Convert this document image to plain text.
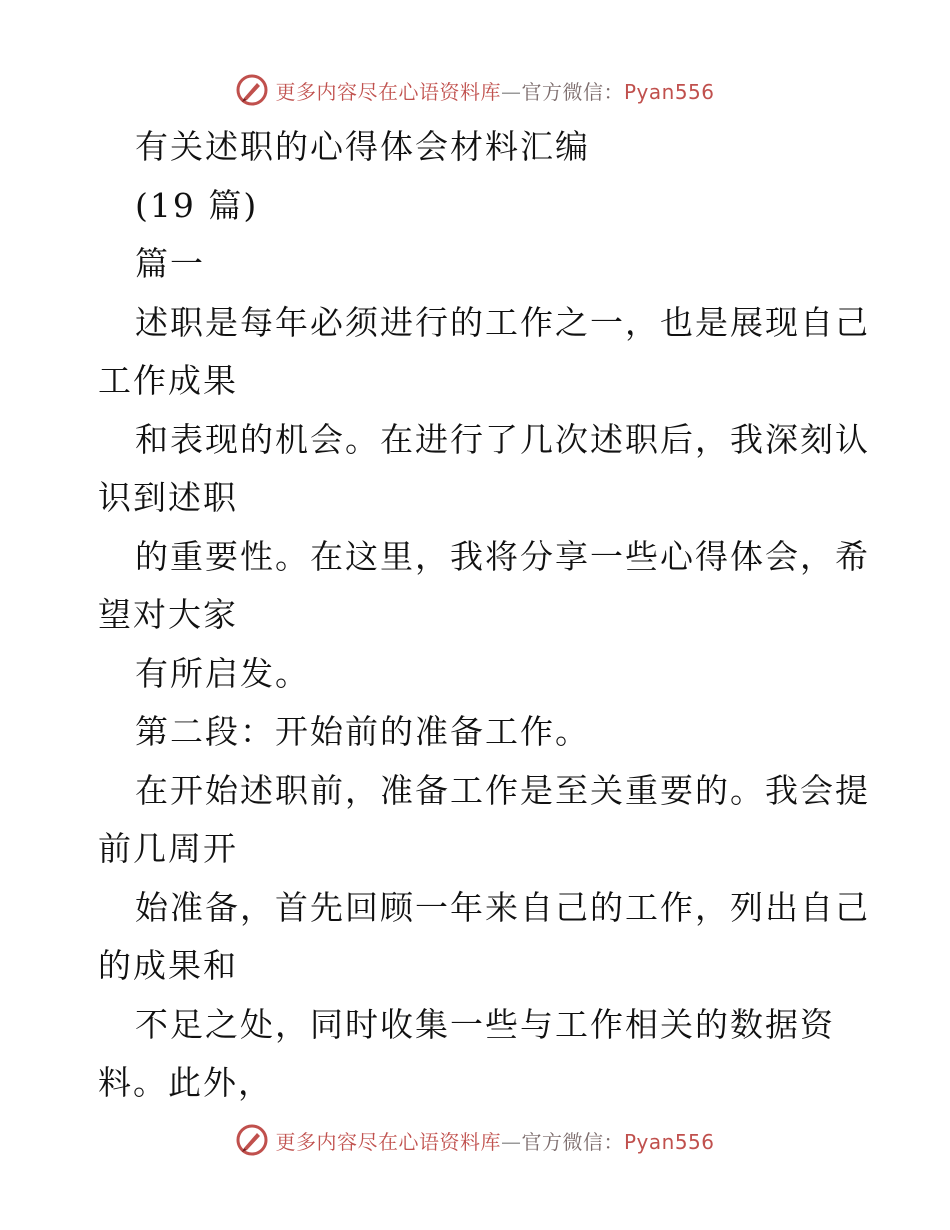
更多内容尽在心语资料库—官方微信：Pyan556
有关述职的心得体会材料汇编
(19 篇)
篇一
述职是每年必须进行的工作之一，也是展现自己
工作成果
和表现的机会。在进行了几次述职后，我深刻认
识到述职
的重要性。在这里，我将分享一些心得体会，希
望对大家
有所启发。
第二段：开始前的准备工作。
在开始述职前，准备工作是至关重要的。我会提
前几周开
始准备，首先回顾一年来自己的工作，列出自己
的成果和
不足之处，同时收集一些与工作相关的数据资
料。此外，
更多内容尽在心语资料库—官方微信：Pyan556
